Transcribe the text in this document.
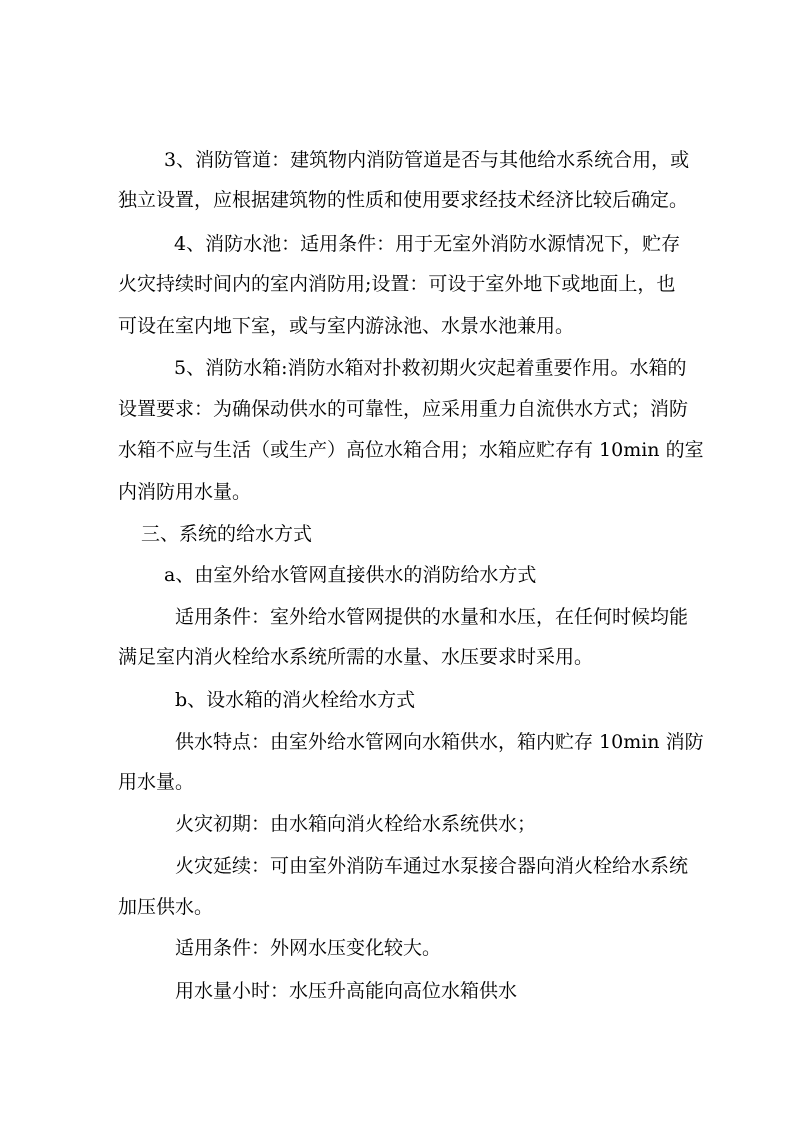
3、消防管道：建筑物内消防管道是否与其他给水系统合用，或
独立设置，应根据建筑物的性质和使用要求经技术经济比较后确定。
4、消防水池：适用条件：用于无室外消防水源情况下，贮存
火灾持续时间内的室内消防用;设置：可设于室外地下或地面上，也
可设在室内地下室，或与室内游泳池、水景水池兼用。
5、消防水箱:消防水箱对扑救初期火灾起着重要作用。水箱的
设置要求：为确保动供水的可靠性，应采用重力自流供水方式；消防
水箱不应与生活（或生产）高位水箱合用；水箱应贮存有 10min 的室
内消防用水量。
三、系统的给水方式
a、由室外给水管网直接供水的消防给水方式
适用条件：室外给水管网提供的水量和水压，在任何时候均能
满足室内消火栓给水系统所需的水量、水压要求时采用。
b、设水箱的消火栓给水方式
供水特点：由室外给水管网向水箱供水，箱内贮存 10min 消防
用水量。
火灾初期：由水箱向消火栓给水系统供水；
火灾延续：可由室外消防车通过水泵接合器向消火栓给水系统
加压供水。
适用条件：外网水压变化较大。
用水量小时：水压升高能向高位水箱供水
